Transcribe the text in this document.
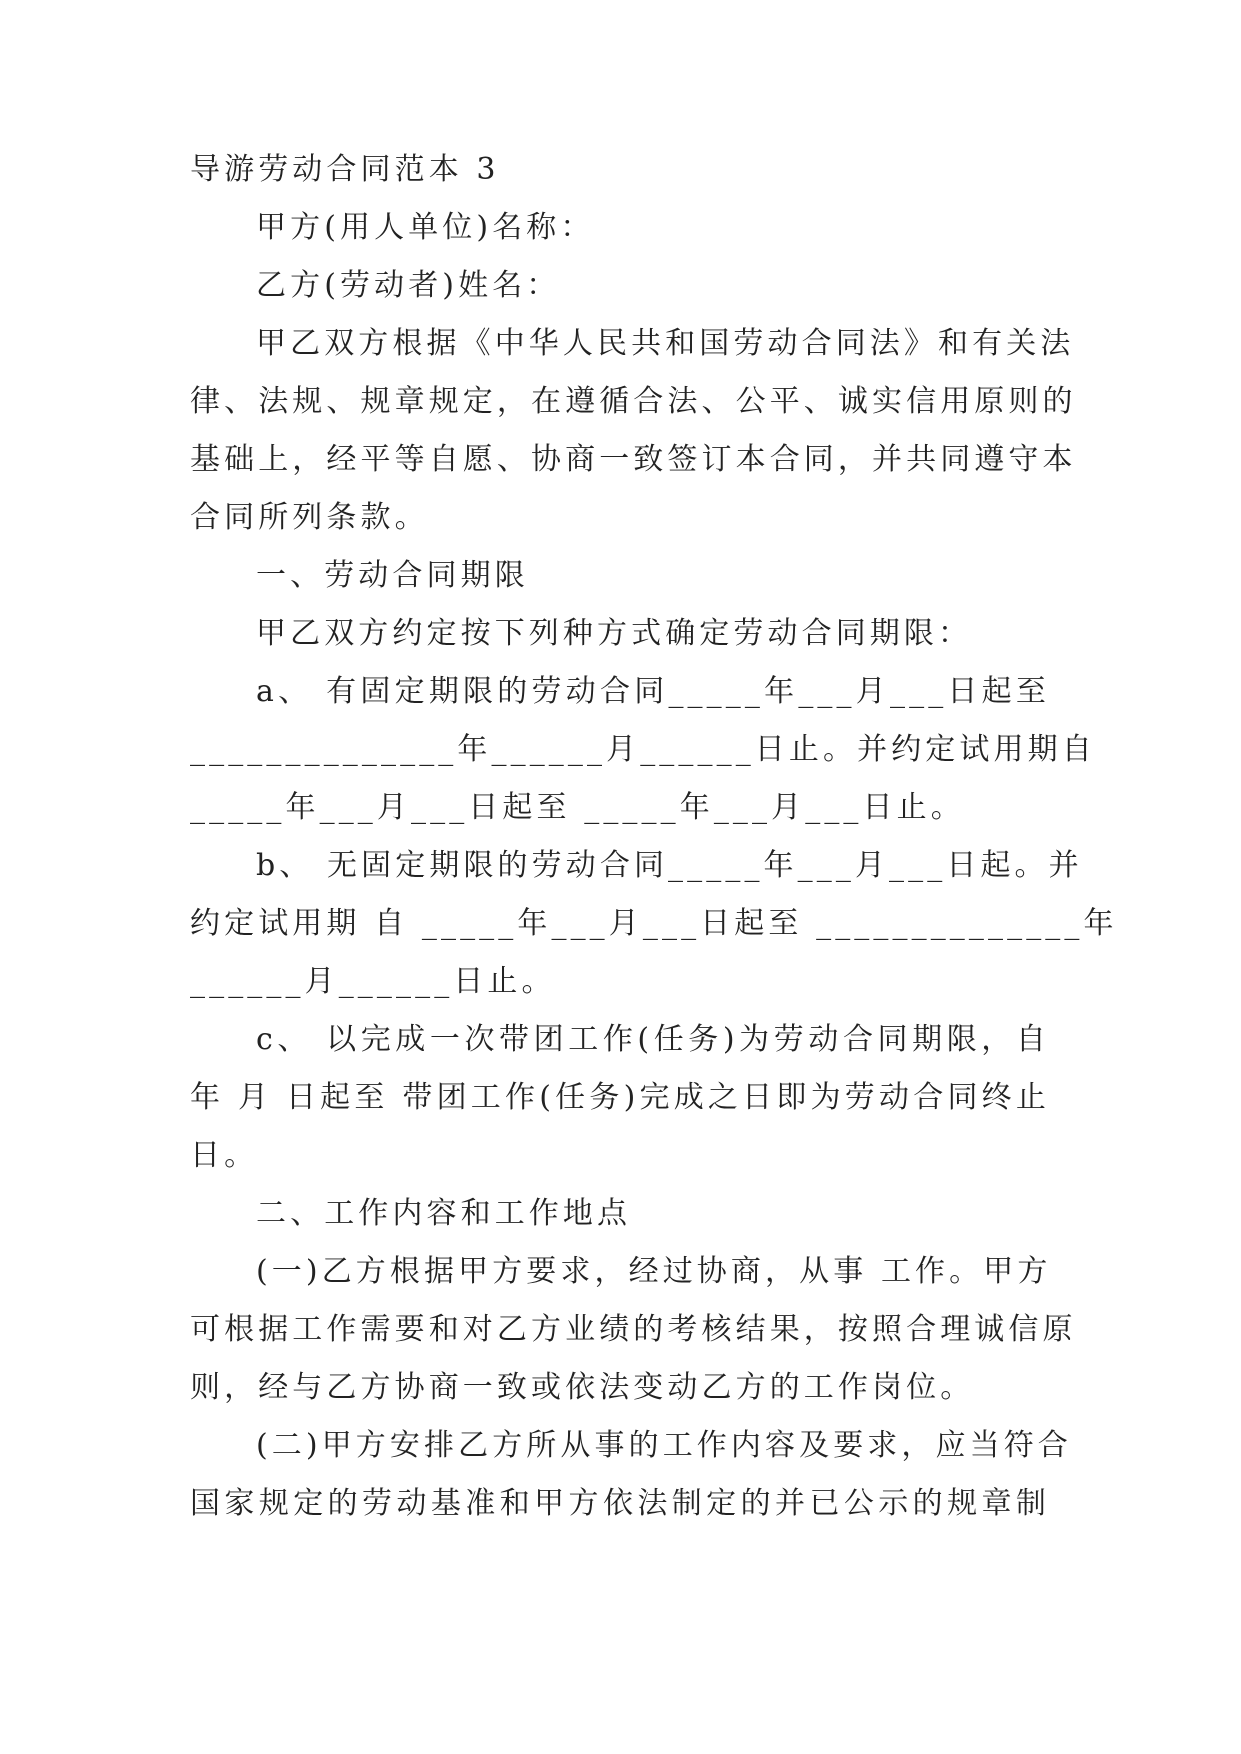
导游劳动合同范本 3
甲方(用人单位)名称：
乙方(劳动者)姓名：
甲乙双方根据《中华人民共和国劳动合同法》和有关法
律、法规、规章规定，在遵循合法、公平、诚实信用原则的
基础上，经平等自愿、协商一致签订本合同，并共同遵守本
合同所列条款。
一、劳动合同期限
甲乙双方约定按下列种方式确定劳动合同期限：
a、 有固定期限的劳动合同_____年___月___日起至
______________年______月______日止。并约定试用期自
_____年___月___日起至 _____年___月___日止。
b、 无固定期限的劳动合同_____年___月___日起。并
约定试用期 自 _____年___月___日起至 ______________年
______月______日止。
c、 以完成一次带团工作(任务)为劳动合同期限，自
年 月 日起至 带团工作(任务)完成之日即为劳动合同终止
日。
二、工作内容和工作地点
(一)乙方根据甲方要求，经过协商，从事 工作。甲方
可根据工作需要和对乙方业绩的考核结果，按照合理诚信原
则，经与乙方协商一致或依法变动乙方的工作岗位。
(二)甲方安排乙方所从事的工作内容及要求，应当符合
国家规定的劳动基准和甲方依法制定的并已公示的规章制
